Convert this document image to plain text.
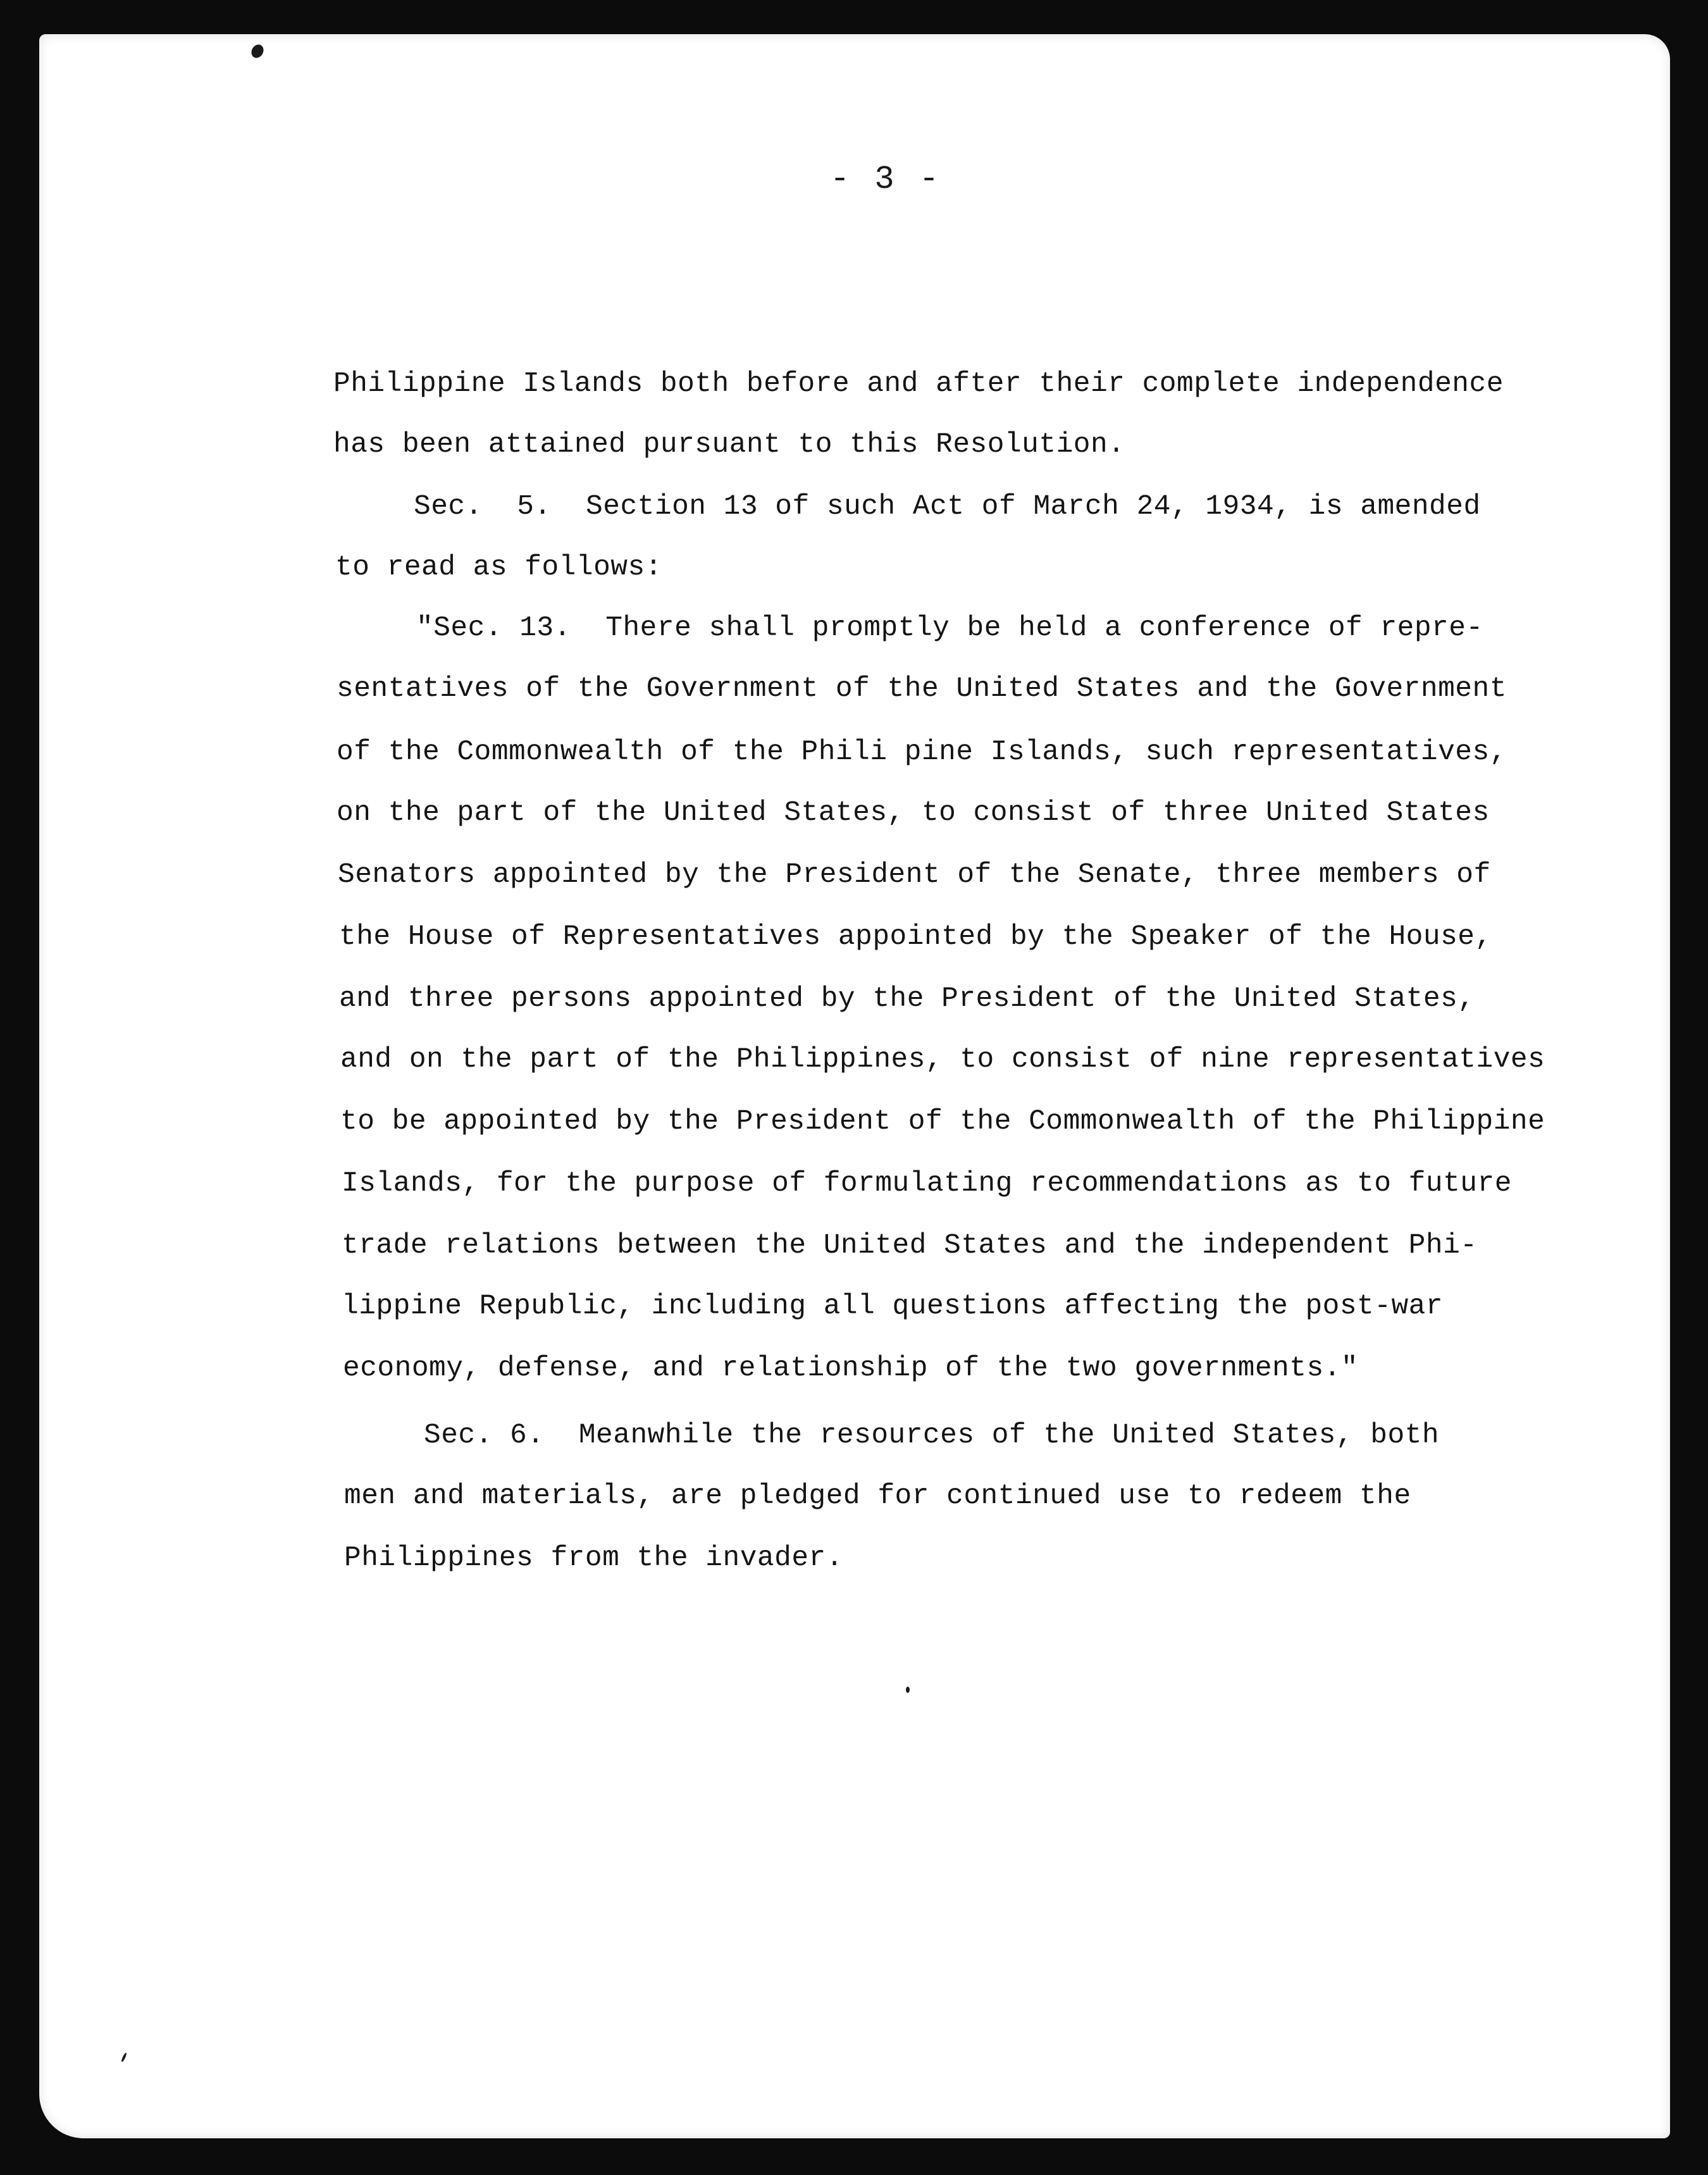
- 3 -
Philippine Islands both before and after their complete independence
has been attained pursuant to this Resolution.
Sec.  5.  Section 13 of such Act of March 24, 1934, is amended
to read as follows:
"Sec. 13.  There shall promptly be held a conference of repre-
sentatives of the Government of the United States and the Government
of the Commonwealth of the Phili pine Islands, such representatives,
on the part of the United States, to consist of three United States
Senators appointed by the President of the Senate, three members of
the House of Representatives appointed by the Speaker of the House,
and three persons appointed by the President of the United States,
and on the part of the Philippines, to consist of nine representatives
to be appointed by the President of the Commonwealth of the Philippine
Islands, for the purpose of formulating recommendations as to future
trade relations between the United States and the independent Phi-
lippine Republic, including all questions affecting the post-war
economy, defense, and relationship of the two governments."
Sec. 6.  Meanwhile the resources of the United States, both
men and materials, are pledged for continued use to redeem the
Philippines from the invader.
